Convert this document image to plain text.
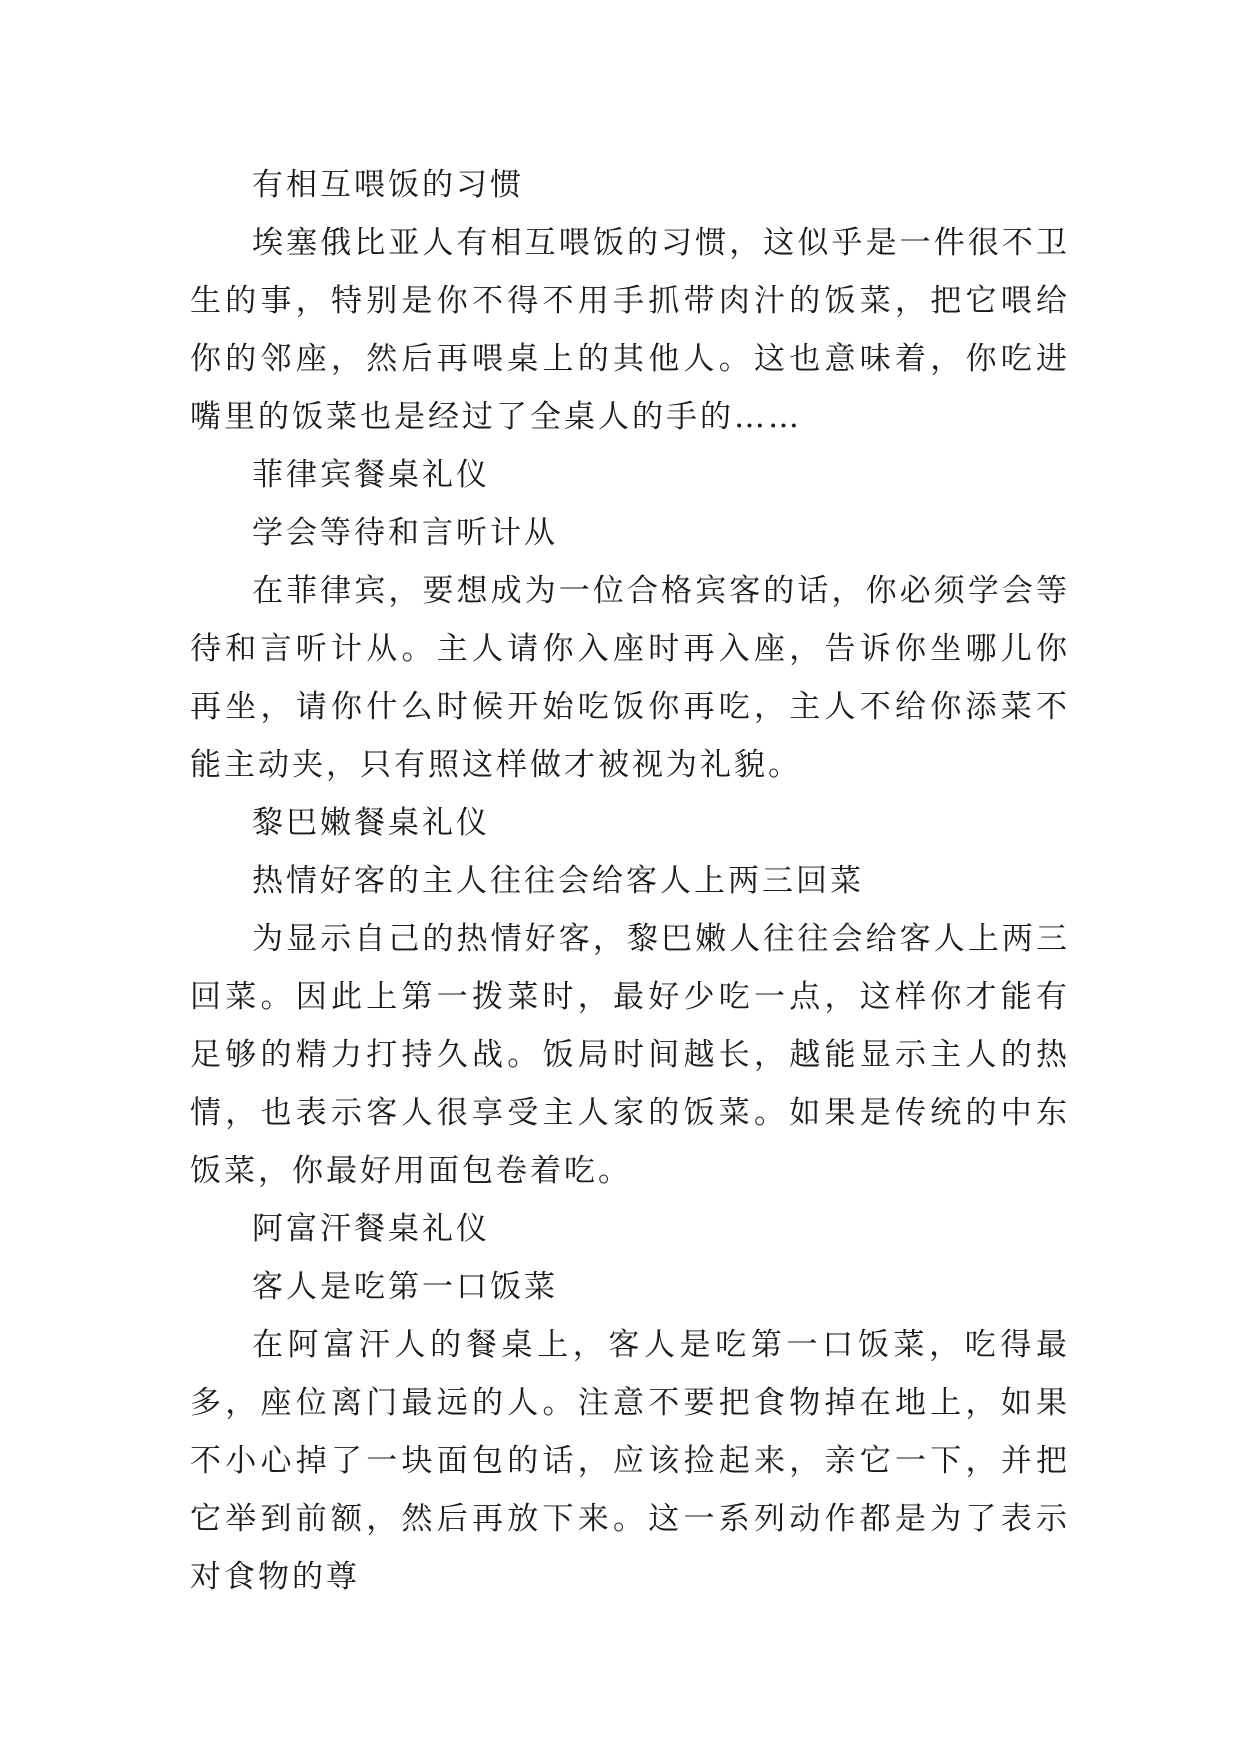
有相互喂饭的习惯

埃塞俄比亚人有相互喂饭的习惯，这似乎是一件很不卫生的事，特别是你不得不用手抓带肉汁的饭菜，把它喂给你的邻座，然后再喂桌上的其他人。这也意味着，你吃进嘴里的饭菜也是经过了全桌人的手的……

菲律宾餐桌礼仪

学会等待和言听计从

在菲律宾，要想成为一位合格宾客的话，你必须学会等待和言听计从。主人请你入座时再入座，告诉你坐哪儿你再坐，请你什么时候开始吃饭你再吃，主人不给你添菜不能主动夹，只有照这样做才被视为礼貌。

黎巴嫩餐桌礼仪

热情好客的主人往往会给客人上两三回菜

为显示自己的热情好客，黎巴嫩人往往会给客人上两三回菜。因此上第一拨菜时，最好少吃一点，这样你才能有足够的精力打持久战。饭局时间越长，越能显示主人的热情，也表示客人很享受主人家的饭菜。如果是传统的中东饭菜，你最好用面包卷着吃。

阿富汗餐桌礼仪

客人是吃第一口饭菜

在阿富汗人的餐桌上，客人是吃第一口饭菜，吃得最多，座位离门最远的人。注意不要把食物掉在地上，如果不小心掉了一块面包的话，应该捡起来，亲它一下，并把它举到前额，然后再放下来。这一系列动作都是为了表示对食物的尊
